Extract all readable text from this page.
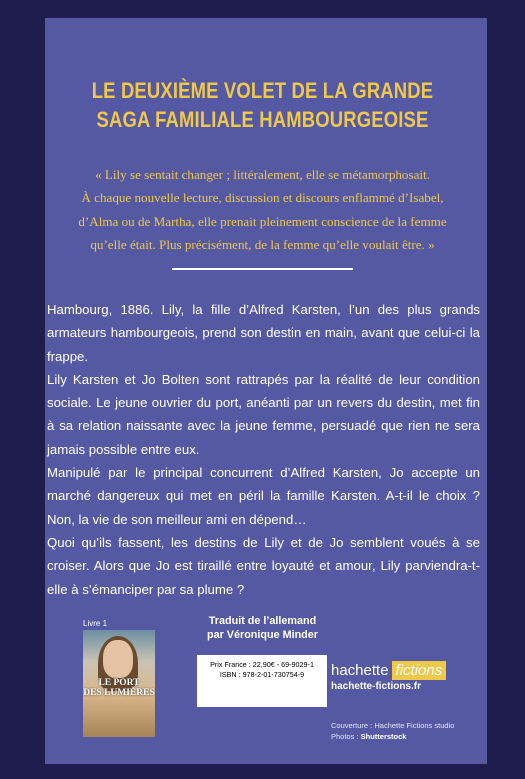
LE DEUXIÈME VOLET DE LA GRANDE
SAGA FAMILIALE HAMBOURGEOISE
« Lily se sentait changer ; littéralement, elle se métamorphosait.
À chaque nouvelle lecture, discussion et discours enflammé d’Isabel,
d’Alma ou de Martha, elle prenait pleinement conscience de la femme
qu’elle était. Plus précisément, de la femme qu’elle voulait être. »

Hambourg, 1886. Lily, la fille d’Alfred Karsten, l’un des plus grands armateurs hambourgeois, prend son destin en main, avant que celui-ci la frappe.

Lily Karsten et Jo Bolten sont rattrapés par la réalité de leur condition sociale. Le jeune ouvrier du port, anéanti par un revers du destin, met fin à sa relation naissante avec la jeune femme, persuadé que rien ne sera jamais possible entre eux.

Manipulé par le principal concurrent d’Alfred Karsten, Jo accepte un marché dangereux qui met en péril la famille Karsten. A-t-il le choix ? Non, la vie de son meilleur ami en dépend…

Quoi qu’ils fassent, les destins de Lily et de Jo semblent voués à se croiser. Alors que Jo est tiraillé entre loyauté et amour, Lily parviendra-t-elle à s’émanciper par sa plume ?

Livre 1
LE PORT
DES LUMIÈRES
Traduit de l’allemand
par Véronique Minder
Prix France : 22,90€ - 69-9029-1
ISBN : 978-2-01-730754-9	hachette fictions
hachette-fictions.fr
Couverture : Hachette Fictions studio
Photos : Shutterstock
